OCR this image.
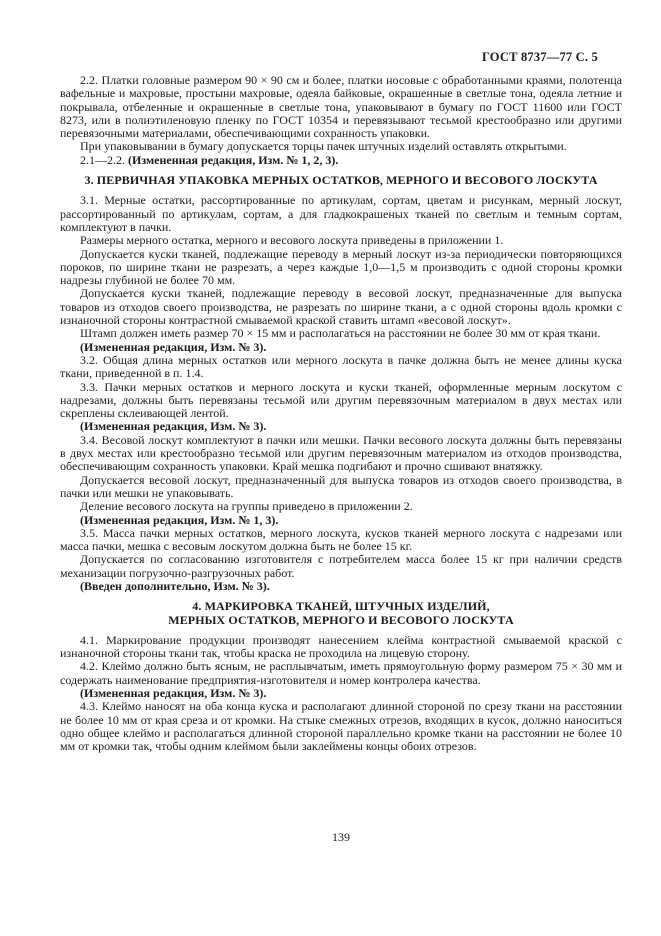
ГОСТ 8737—77 С. 5

2.2. Платки головные размером 90 × 90 см и более, платки носовые с обработанными краями, полотенца вафельные и махровые, простыни махровые, одеяла байковые, окрашенные в светлые тона, одеяла летние и покрывала, отбеленные и окрашенные в светлые тона, упаковывают в бумагу по ГОСТ 11600 или ГОСТ 8273, или в полиэтиленовую пленку по ГОСТ 10354 и перевязывают тесьмой крестообразно или другими перевязочными материалами, обеспечивающими сохранность упаковки.

При упаковывании в бумагу допускается торцы пачек штучных изделий оставлять открытыми.

2.1—2.2. (Измененная редакция, Изм. № 1, 2, 3).

3. ПЕРВИЧНАЯ УПАКОВКА МЕРНЫХ ОСТАТКОВ, МЕРНОГО И ВЕСОВОГО ЛОСКУТА

3.1. Мерные остатки, рассортированные по артикулам, сортам, цветам и рисункам, мерный лоскут, рассортированный по артикулам, сортам, а для гладкокрашеных тканей по светлым и темным сортам, комплектуют в пачки.

Размеры мерного остатка, мерного и весового лоскута приведены в приложении 1.

Допускается куски тканей, подлежащие переводу в мерный лоскут из-за периодически повторяющихся пороков, по ширине ткани не разрезать, а через каждые 1,0—1,5 м производить с одной стороны кромки надрезы глубиной не более 70 мм.

Допускается куски тканей, подлежащие переводу в весовой лоскут, предназначенные для выпуска товаров из отходов своего производства, не разрезать по ширине ткани, а с одной стороны вдоль кромки с изнаночной стороны контрастной смываемой краской ставить штамп «весовой лоскут».

Штамп должен иметь размер 70 × 15 мм и располагаться на расстоянии не более 30 мм от края ткани.

(Измененная редакция, Изм. № 3).

3.2. Общая длина мерных остатков или мерного лоскута в пачке должна быть не менее длины куска ткани, приведенной в п. 1.4.

3.3. Пачки мерных остатков и мерного лоскута и куски тканей, оформленные мерным лоскутом с надрезами, должны быть перевязаны тесьмой или другим перевязочным материалом в двух местах или скреплены склеивающей лентой.

(Измененная редакция, Изм. № 3).

3.4. Весовой лоскут комплектуют в пачки или мешки. Пачки весового лоскута должны быть перевязаны в двух местах или крестообразно тесьмой или другим перевязочным материалом из отходов производства, обеспечивающим сохранность упаковки. Край мешка подгибают и прочно сшивают внатяжку.

Допускается весовой лоскут, предназначенный для выпуска товаров из отходов своего производства, в пачки или мешки не упаковывать.

Деление весового лоскута на группы приведено в приложении 2.

(Измененная редакция, Изм. № 1, 3).

3.5. Масса пачки мерных остатков, мерного лоскута, кусков тканей мерного лоскута с надрезами или масса пачки, мешка с весовым лоскутом должна быть не более 15 кг.

Допускается по согласованию изготовителя с потребителем масса более 15 кг при наличии средств механизации погрузочно-разгрузочных работ.

(Введен дополнительно, Изм. № 3).

4. МАРКИРОВКА ТКАНЕЙ, ШТУЧНЫХ ИЗДЕЛИЙ,
МЕРНЫХ ОСТАТКОВ, МЕРНОГО И ВЕСОВОГО ЛОСКУТА

4.1. Маркирование продукции производят нанесением клейма контрастной смываемой краской с изнаночной стороны ткани так, чтобы краска не проходила на лицевую сторону.

4.2. Клеймо должно быть ясным, не расплывчатым, иметь прямоугольную форму размером 75 × 30 мм и содержать наименование предприятия-изготовителя и номер контролера качества.

(Измененная редакция, Изм. № 3).

4.3. Клеймо наносят на оба конца куска и располагают длинной стороной по срезу ткани на расстоянии не более 10 мм от края среза и от кромки. На стыке смежных отрезов, входящих в кусок, должно наноситься одно общее клеймо и располагаться длинной стороной параллельно кромке ткани на расстоянии не более 10 мм от кромки так, чтобы одним клеймом были заклеймены концы обоих отрезов.

139
